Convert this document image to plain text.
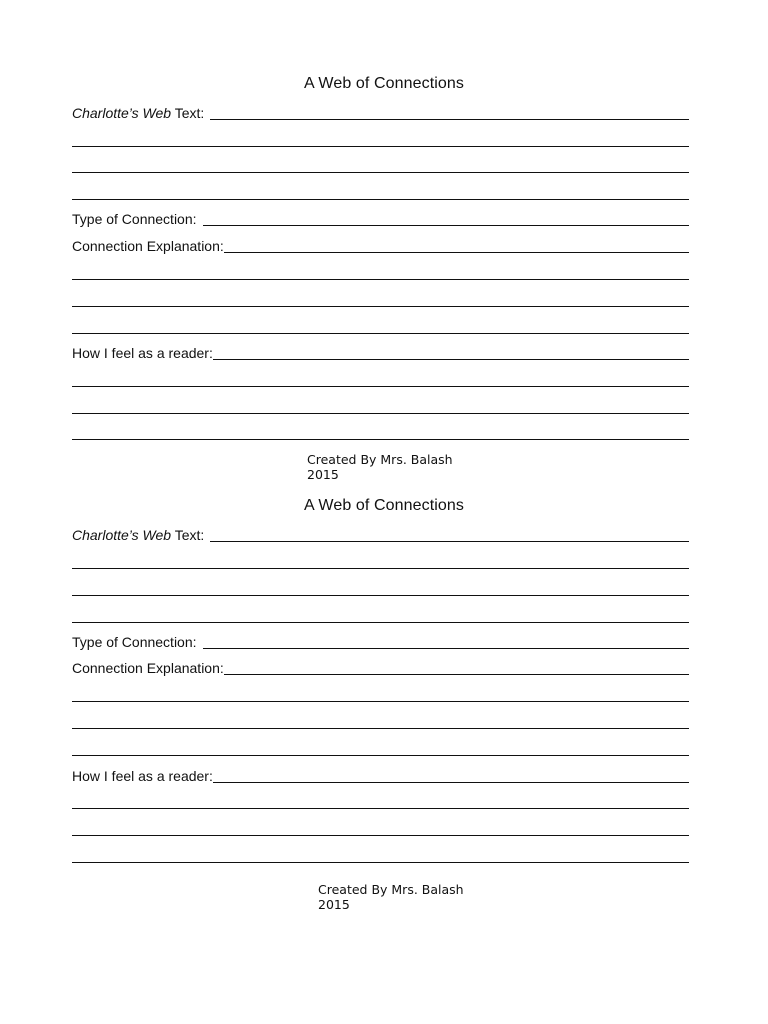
A Web of Connections
Charlotte’s Web Text:
Type of Connection:
Connection Explanation:
How I feel as a reader:
Created By Mrs. Balash
2015
A Web of Connections
Charlotte’s Web Text:
Type of Connection:
Connection Explanation:
How I feel as a reader:
Created By Mrs. Balash
2015
